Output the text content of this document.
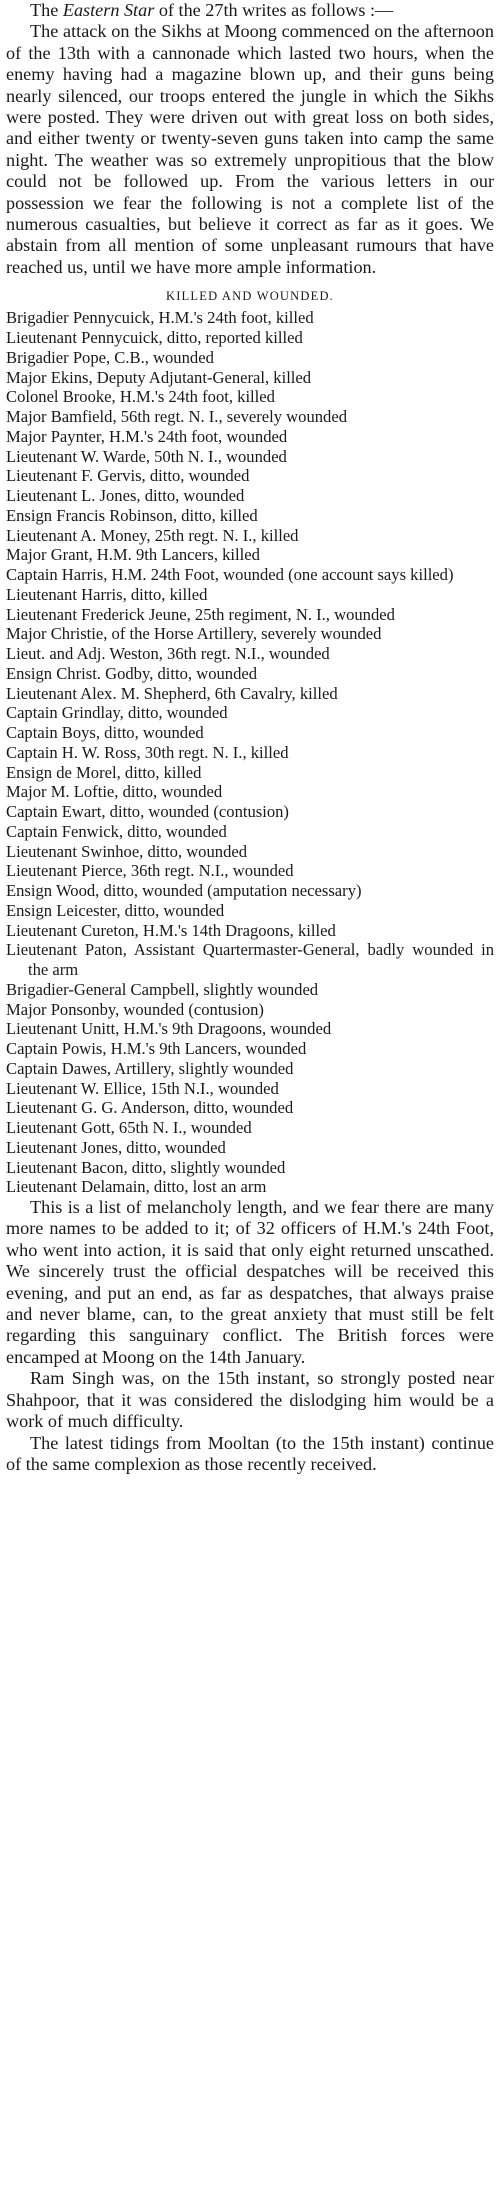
The Eastern Star of the 27th writes as follows :—

The attack on the Sikhs at Moong commenced on the afternoon of the 13th with a cannonade which lasted two hours, when the enemy having had a magazine blown up, and their guns being nearly silenced, our troops entered the jungle in which the Sikhs were posted. They were driven out with great loss on both sides, and either twenty or twenty-seven guns taken into camp the same night. The weather was so extremely unpropitious that the blow could not be followed up. From the various letters in our possession we fear the following is not a complete list of the numerous casualties, but believe it correct as far as it goes. We abstain from all mention of some unpleasant rumours that have reached us, until we have more ample information.

KILLED AND WOUNDED.
Brigadier Pennycuick, H.M.'s 24th foot, killed
Lieutenant Pennycuick, ditto, reported killed
Brigadier Pope, C.B., wounded
Major Ekins, Deputy Adjutant-General, killed
Colonel Brooke, H.M.'s 24th foot, killed
Major Bamfield, 56th regt. N. I., severely wounded
Major Paynter, H.M.'s 24th foot, wounded
Lieutenant W. Warde, 50th N. I., wounded
Lieutenant F. Gervis, ditto, wounded
Lieutenant L. Jones, ditto, wounded
Ensign Francis Robinson, ditto, killed
Lieutenant A. Money, 25th regt. N. I., killed
Major Grant, H.M. 9th Lancers, killed
Captain Harris, H.M. 24th Foot, wounded (one account says killed)
Lieutenant Harris, ditto, killed
Lieutenant Frederick Jeune, 25th regiment, N. I., wounded
Major Christie, of the Horse Artillery, severely wounded
Lieut. and Adj. Weston, 36th regt. N.I., wounded
Ensign Christ. Godby, ditto, wounded
Lieutenant Alex. M. Shepherd, 6th Cavalry, killed
Captain Grindlay, ditto, wounded
Captain Boys, ditto, wounded
Captain H. W. Ross, 30th regt. N. I., killed
Ensign de Morel, ditto, killed
Major M. Loftie, ditto, wounded
Captain Ewart, ditto, wounded (contusion)
Captain Fenwick, ditto, wounded
Lieutenant Swinhoe, ditto, wounded
Lieutenant Pierce, 36th regt. N.I., wounded
Ensign Wood, ditto, wounded (amputation necessary)
Ensign Leicester, ditto, wounded
Lieutenant Cureton, H.M.'s 14th Dragoons, killed
Lieutenant Paton, Assistant Quartermaster-General, badly wounded in the arm
Brigadier-General Campbell, slightly wounded
Major Ponsonby, wounded (contusion)
Lieutenant Unitt, H.M.'s 9th Dragoons, wounded
Captain Powis, H.M.'s 9th Lancers, wounded
Captain Dawes, Artillery, slightly wounded
Lieutenant W. Ellice, 15th N.I., wounded
Lieutenant G. G. Anderson, ditto, wounded
Lieutenant Gott, 65th N. I., wounded
Lieutenant Jones, ditto, wounded
Lieutenant Bacon, ditto, slightly wounded
Lieutenant Delamain, ditto, lost an arm

This is a list of melancholy length, and we fear there are many more names to be added to it; of 32 officers of H.M.'s 24th Foot, who went into action, it is said that only eight returned unscathed. We sincerely trust the official despatches will be received this evening, and put an end, as far as despatches, that always praise and never blame, can, to the great anxiety that must still be felt regarding this sanguinary conflict. The British forces were encamped at Moong on the 14th January.

Ram Singh was, on the 15th instant, so strongly posted near Shahpoor, that it was considered the dislodging him would be a work of much difficulty.

The latest tidings from Mooltan (to the 15th instant) continue of the same complexion as those recently received.
